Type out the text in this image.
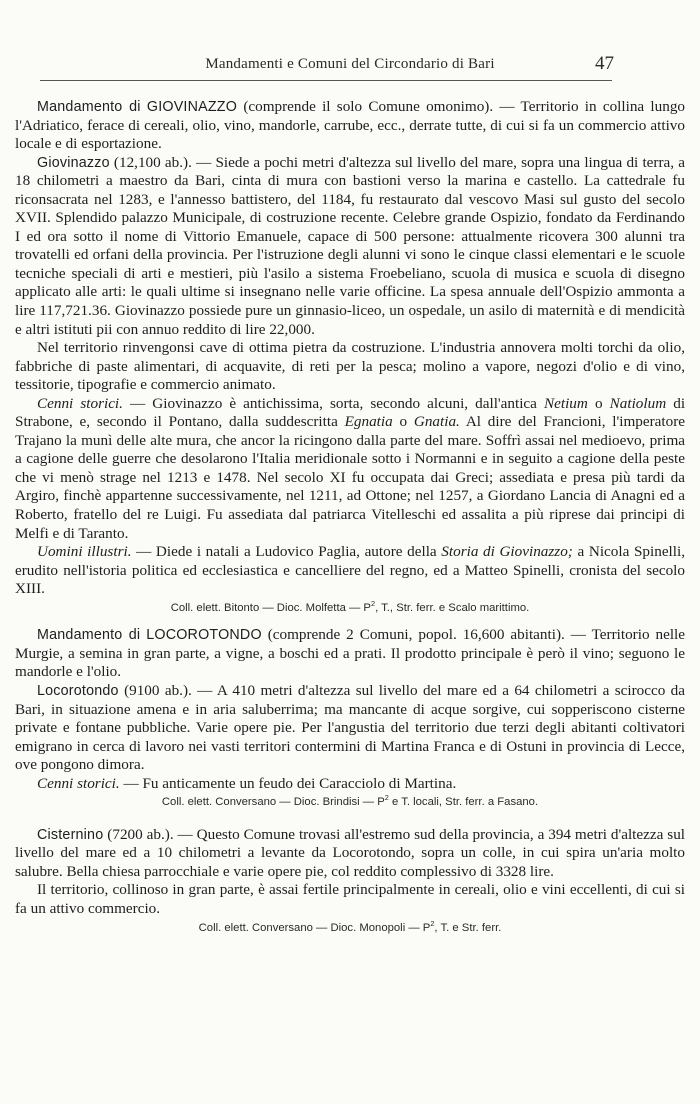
Mandamenti e Comuni del Circondario di Bari	47

Mandamento di GIOVINAZZO (comprende il solo Comune omonimo). — Territorio in collina lungo l'Adriatico, ferace di cereali, olio, vino, mandorle, carrube, ecc., derrate tutte, di cui si fa un commercio attivo locale e di esportazione.

Giovinazzo (12,100 ab.). — Siede a pochi metri d'altezza sul livello del mare, sopra una lingua di terra, a 18 chilometri a maestro da Bari, cinta di mura con bastioni verso la marina e castello. La cattedrale fu riconsacrata nel 1283, e l'annesso battistero, del 1184, fu restaurato dal vescovo Masi sul gusto del secolo XVII. Splendido palazzo Municipale, di costruzione recente. Celebre grande Ospizio, fondato da Ferdinando I ed ora sotto il nome di Vittorio Emanuele, capace di 500 persone: attualmente ricovera 300 alunni tra trovatelli ed orfani della provincia. Per l'istruzione degli alunni vi sono le cinque classi elementari e le scuole tecniche speciali di arti e mestieri, più l'asilo a sistema Froebeliano, scuola di musica e scuola di disegno applicato alle arti: le quali ultime si insegnano nelle varie officine. La spesa annuale dell'Ospizio ammonta a lire 117,721.36. Giovinazzo possiede pure un ginnasio-liceo, un ospedale, un asilo di maternità e di mendicità e altri istituti pii con annuo reddito di lire 22,000.

Nel territorio rinvengonsi cave di ottima pietra da costruzione. L'industria annovera molti torchi da olio, fabbriche di paste alimentari, di acquavite, di reti per la pesca; molino a vapore, negozi d'olio e di vino, tessitorie, tipografie e commercio animato.

Cenni storici. — Giovinazzo è antichissima, sorta, secondo alcuni, dall'antica Netium o Natiolum di Strabone, e, secondo il Pontano, dalla suddescritta Egnatia o Gnatia. Al dire del Francioni, l'imperatore Trajano la munì delle alte mura, che ancor la ricingono dalla parte del mare. Soffrì assai nel medioevo, prima a cagione delle guerre che desolarono l'Italia meridionale sotto i Normanni e in seguito a cagione della peste che vi menò strage nel 1213 e 1478. Nel secolo XI fu occupata dai Greci; assediata e presa più tardi da Argiro, finchè appartenne successivamente, nel 1211, ad Ottone; nel 1257, a Giordano Lancia di Anagni ed a Roberto, fratello del re Luigi. Fu assediata dal patriarca Vitelleschi ed assalita a più riprese dai principi di Melfi e di Taranto.

Uomini illustri. — Diede i natali a Ludovico Paglia, autore della Storia di Giovinazzo; a Nicola Spinelli, erudito nell'istoria politica ed ecclesiastica e cancelliere del regno, ed a Matteo Spinelli, cronista del secolo XIII.

Coll. elett. Bitonto — Dioc. Molfetta — $P^2$, T., Str. ferr. e Scalo marittimo.

Mandamento di LOCOROTONDO (comprende 2 Comuni, popol. 16,600 abitanti). — Territorio nelle Murgie, a semina in gran parte, a vigne, a boschi ed a prati. Il prodotto principale è però il vino; seguono le mandorle e l'olio.

Locorotondo (9100 ab.). — A 410 metri d'altezza sul livello del mare ed a 64 chilometri a scirocco da Bari, in situazione amena e in aria saluberrima; ma mancante di acque sorgive, cui sopperiscono cisterne private e fontane pubbliche. Varie opere pie. Per l'angustia del territorio due terzi degli abitanti coltivatori emigrano in cerca di lavoro nei vasti territori contermini di Martina Franca e di Ostuni in provincia di Lecce, ove pongono dimora.

Cenni storici. — Fu anticamente un feudo dei Caracciolo di Martina.

Coll. elett. Conversano — Dioc. Brindisi — $P^2$ e T. locali, Str. ferr. a Fasano.

Cisternino (7200 ab.). — Questo Comune trovasi all'estremo sud della provincia, a 394 metri d'altezza sul livello del mare ed a 10 chilometri a levante da Locorotondo, sopra un colle, in cui spira un'aria molto salubre. Bella chiesa parrocchiale e varie opere pie, col reddito complessivo di 3328 lire.

Il territorio, collinoso in gran parte, è assai fertile principalmente in cereali, olio e vini eccellenti, di cui si fa un attivo commercio.

Coll. elett. Conversano — Dioc. Monopoli — $P^2$, T. e Str. ferr.
